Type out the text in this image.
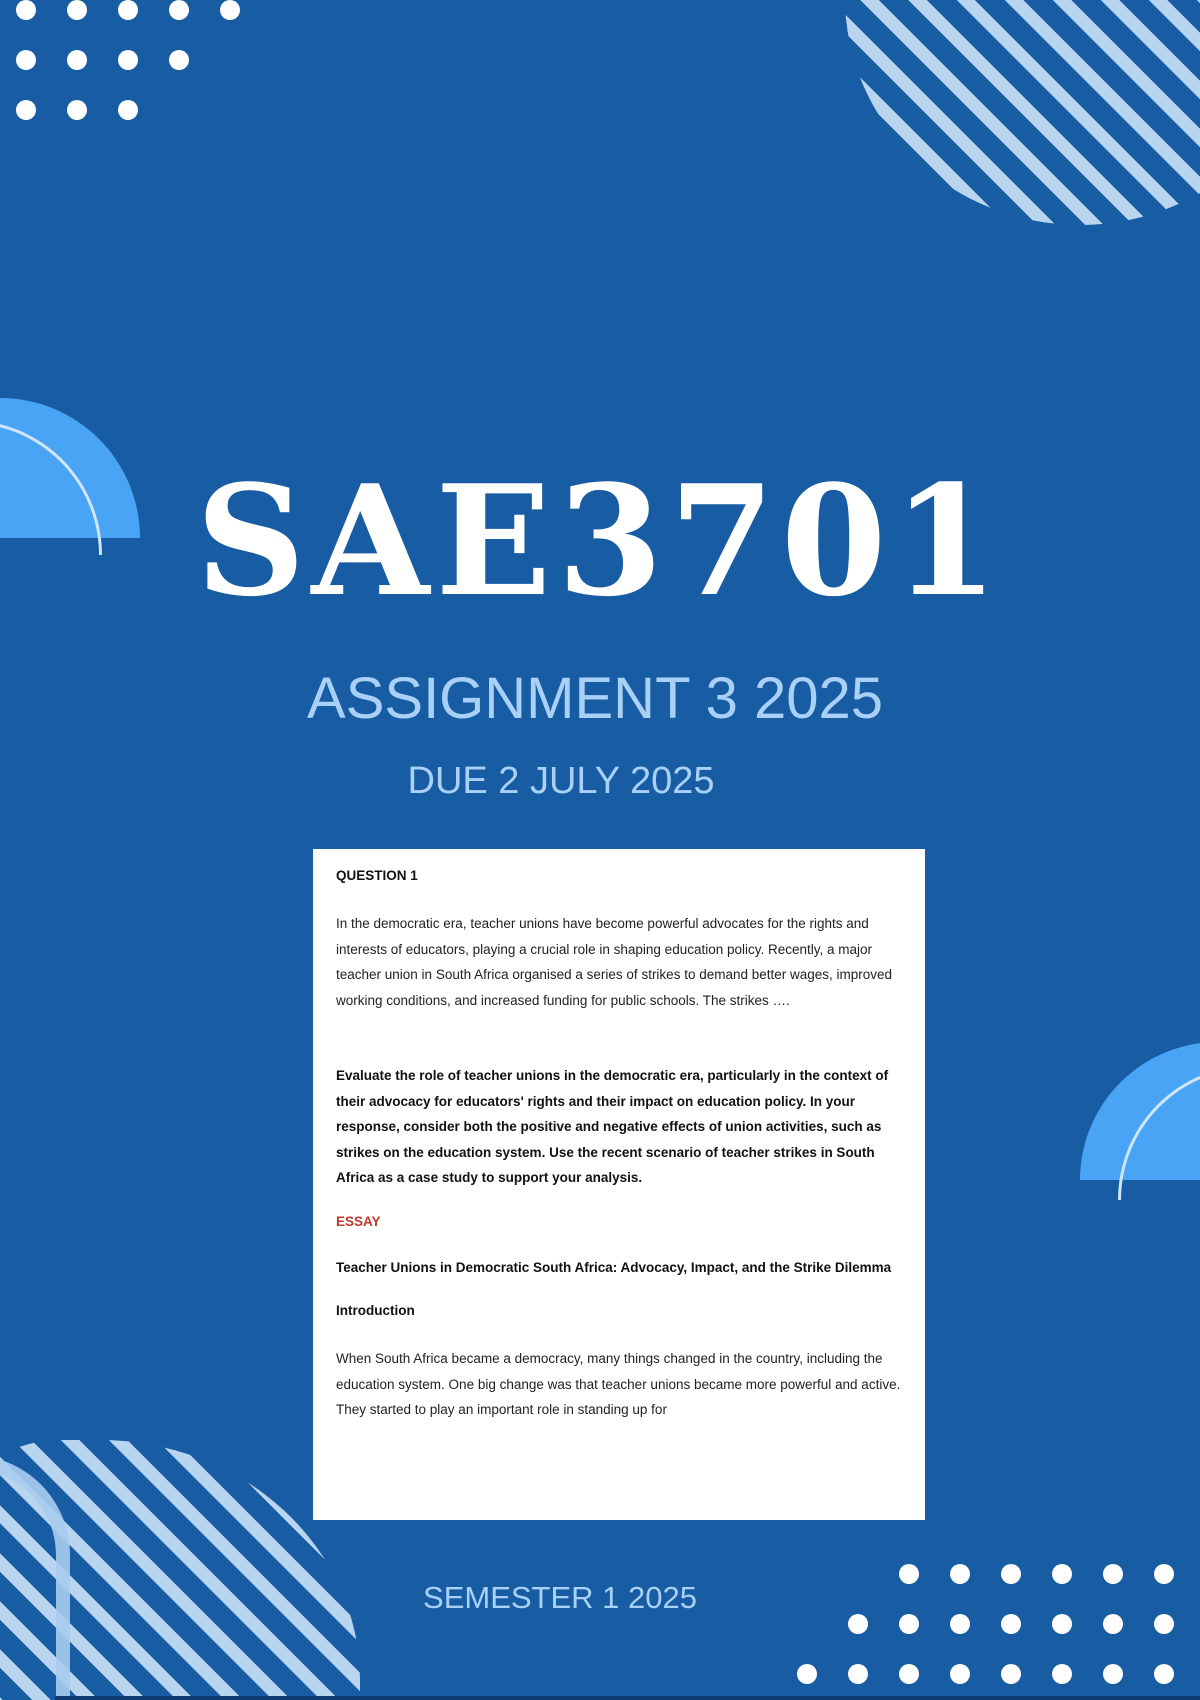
SAE3701
ASSIGNMENT 3 2025
DUE 2 JULY 2025

QUESTION 1

In the democratic era, teacher unions have become powerful advocates for the rights and interests of educators, playing a crucial role in shaping education policy. Recently, a major teacher union in South Africa organised a series of strikes to demand better wages, improved working conditions, and increased funding for public schools. The strikes ….

Evaluate the role of teacher unions in the democratic era, particularly in the context of their advocacy for educators' rights and their impact on education policy. In your response, consider both the positive and negative effects of union activities, such as strikes on the education system. Use the recent scenario of teacher strikes in South Africa as a case study to support your analysis.

ESSAY

Teacher Unions in Democratic South Africa: Advocacy, Impact, and the Strike Dilemma

Introduction

When South Africa became a democracy, many things changed in the country, including the education system. One big change was that teacher unions became more powerful and active. They started to play an important role in standing up for

SEMESTER 1 2025
